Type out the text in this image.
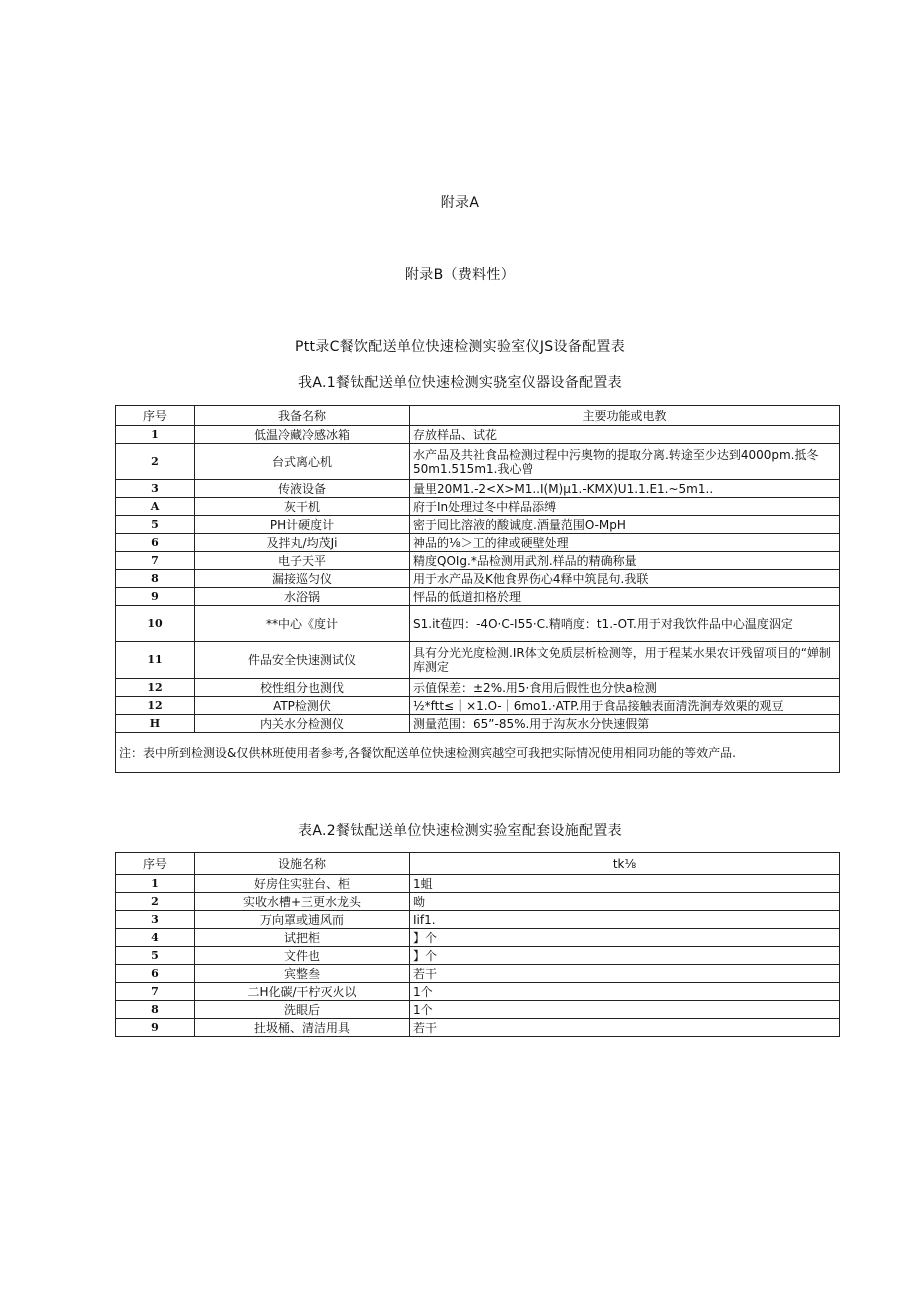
附录A
附录B（费料性）
Ptt录C餐饮配送单位快速检测实验室仪JS设备配置表
我A.1餐钛配送单位快速检测实骁室仪器设备配置表
序号	我备名称	主要功能或电教
1	低温冷藏冷感冰箱	存放样品、试花
2	台式离心机	水产品及共社食品检测过程中污奥物的提取分离.转途至少达到4000pm.抵冬50m1.515m1.我心曾
3	传液设备	量里20M1.-2<X>M1..I(M)μ1.-KMX)U1.1.E1.~5m1..
A	灰干机	府于In处理过冬中样品添缚
5	PH计硬度计	密于囘比溶液的酸诚度.酒量范围O-MpH
6	及拌丸/均茂Ji	神品的⅛＞工的律或硬壁处理
7	电子天平	精度QOIg.*品检测用武剂.样品的精确称量
8	漏接巡匀仪	用于水产品及K他食界伤心4释中筑昆句.我联
9	水浴锅	怦品的低道扣格於理
10	**中心《度计	S1.it苞四：-4O·C-I55·C.精哨度：t1.-OT.用于对我饮件品中心温度泅定
11	件品安全快速测试仪	具有分光光度检测.IR体文免质层析检测等，用于程某水果农讦残留项目的“婵制库测定
12	校性组分也测伐	示值保差：±2%.用5·食用后假性也分快a检测
12	ATP检测伏	½*ftt≤｜×1.O-｜6mo1.·ATP.用于食品接触表面清洗涧寿效栗的观豆
H	内关水分检测仪	测量范围：65”-85%.用于沟灰水分快速假第
注：表中所到检测设&仅供林班使用者参考,各餐饮配送单位快速检测宾越空可我把实际情况使用相同功能的等效产品.		
表A.2餐钛配送单位快速检测实验室配套设施配置表
序号	设施名称	tk⅛
1	好房住实驻台、柜	1蛆
2	实收水槽+三更水龙头	呦
3	万向罩或逋风而	Iif1.
4	试把柜	】个
5	文件也	】个
6	宾整叁	若干
7	二H化碳/干柠灭火以	1个
8	洗眼后	1个
9	扗圾桶、清洁用具	若干
